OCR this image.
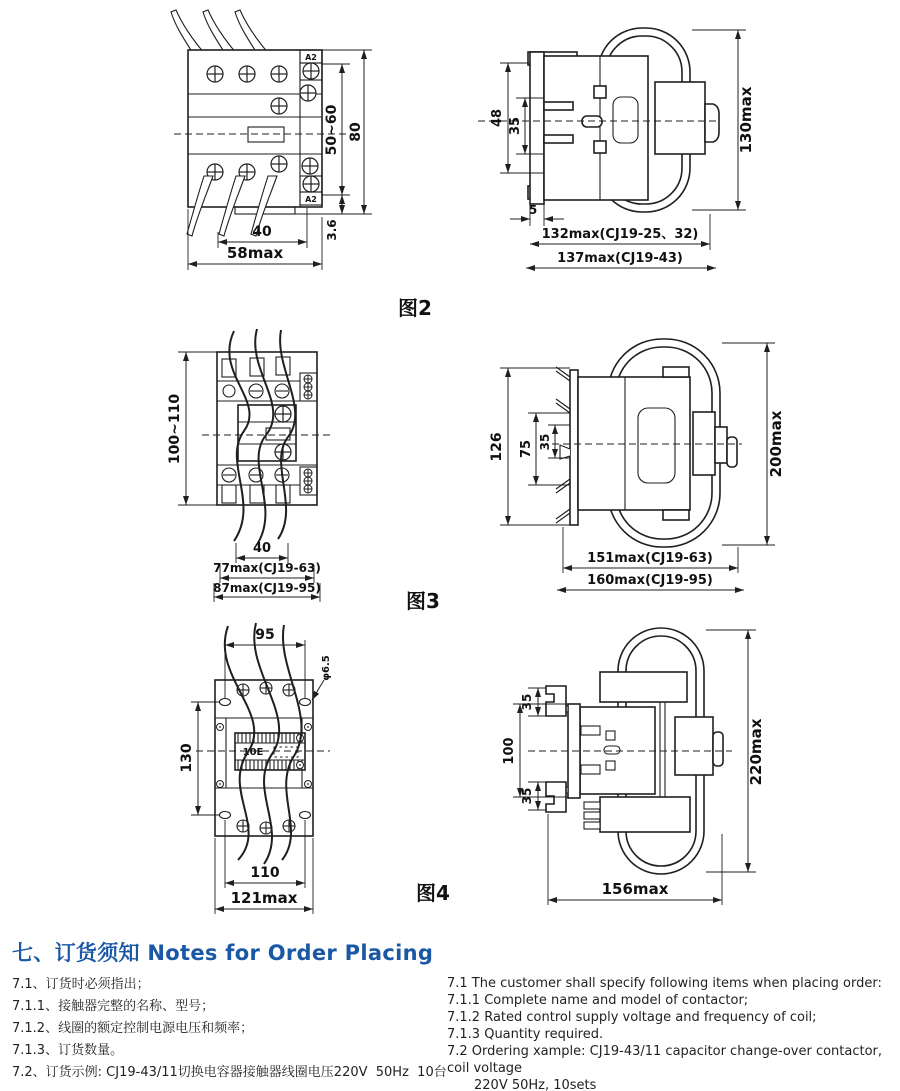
A2
A2
50~60 80
3.6
40
58max
48 35
5
130max
132max(CJ19-25、32)
137max(CJ19-43)
图2
100~110
40
77max(CJ19-63)
87max(CJ19-95)
126 75 35	200max
151max(CJ19-63)
160max(CJ19-95)
图3
10E
95
φ6.5
130
110
121max
35
100
35
220max
156max
图4
七、订货须知 Notes for Order Placing
7.1、订货时必须指出；
7.1.1、接触器完整的名称、型号；
7.1.2、线圈的额定控制电源电压和频率；
7.1.3、订货数量。
7.2、订货示例: CJ19-43/11切换电容器接触器线圈电压220V  50Hz  10台
7.1 The customer shall specify following items when placing order:
7.1.1 Complete name and model of contactor;
7.1.2 Rated control supply voltage and frequency of coil;
7.1.3 Quantity required.
7.2 Ordering xample: CJ19-43/11 capacitor change-over contactor, coil voltage
220V 50Hz, 10sets
